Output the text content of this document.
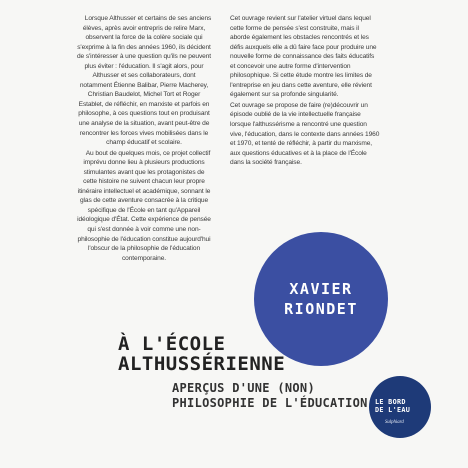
Lorsque Althusser et certains de ses anciens élèves, après avoir entrepris de relire Marx, observent la force de la colère sociale qui s'exprime à la fin des années 1960, ils décident de s'intéresser à une question qu'ils ne peuvent plus éviter : l'éducation. Il s'agit alors, pour Althusser et ses collaborateurs, dont notamment Étienne Balibar, Pierre Macherey, Christian Baudelot, Michel Tort et Roger Establet, de réfléchir, en marxiste et parfois en philosophe, à ces questions tout en produisant une analyse de la situation, avant peut-être de rencontrer les forces vives mobilisées dans le champ éducatif et scolaire.

Au bout de quelques mois, ce projet collectif imprévu donne lieu à plusieurs productions stimulantes avant que les protagonistes de cette histoire ne suivent chacun leur propre itinéraire intellectuel et académique, sonnant le glas de cette aventure consacrée à la critique spécifique de l'École en tant qu'Appareil idéologique d'État. Cette expérience de pensée qui s'est donnée à voir comme une non-philosophie de l'éducation constitue aujourd'hui l'obscur de la philosophie de l'éducation contemporaine.

Cet ouvrage revient sur l'atelier virtuel dans lequel cette forme de pensée s'est construite, mais il aborde également les obstacles rencontrés et les défis auxquels elle a dû faire face pour produire une nouvelle forme de connaissance des faits éducatifs et concevoir une autre forme d'intervention philosophique. Si cette étude montre les limites de l'entreprise en jeu dans cette aventure, elle révient également sur sa profonde singularité.

Cet ouvrage se propose de faire (re)découvrir un épisode oublié de la vie intellectuelle française lorsque l'althussérisme a rencontré une question vive, l'éducation, dans le contexte dans années 1960 et 1970, et tenté de réfléchir, à partir du marxisme, aux questions éducatives et à la place de l'École dans la société française.

XAVIER
RIONDET
À L'ÉCOLE
ALTHUSSÉRIENNE
APERÇUS D'UNE (NON)
PHILOSOPHIE DE L'ÉDUCATION LE BORD
DE L'EAU
Sulphiard
